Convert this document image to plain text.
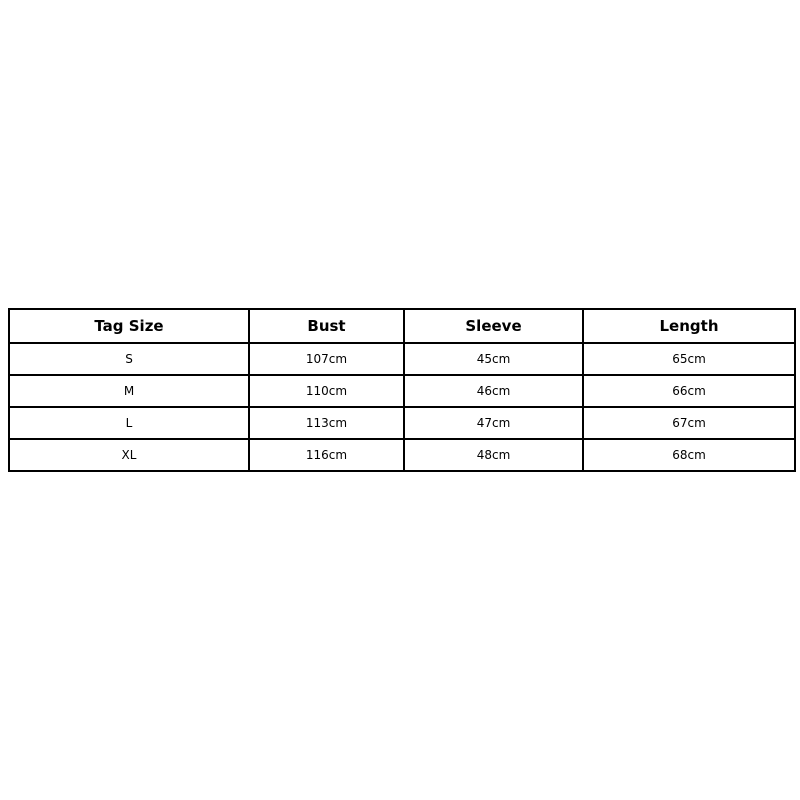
Tag Size	Bust	Sleeve	Length
S	107cm	45cm	65cm
M	110cm	46cm	66cm
L	113cm	47cm	67cm
XL	116cm	48cm	68cm
